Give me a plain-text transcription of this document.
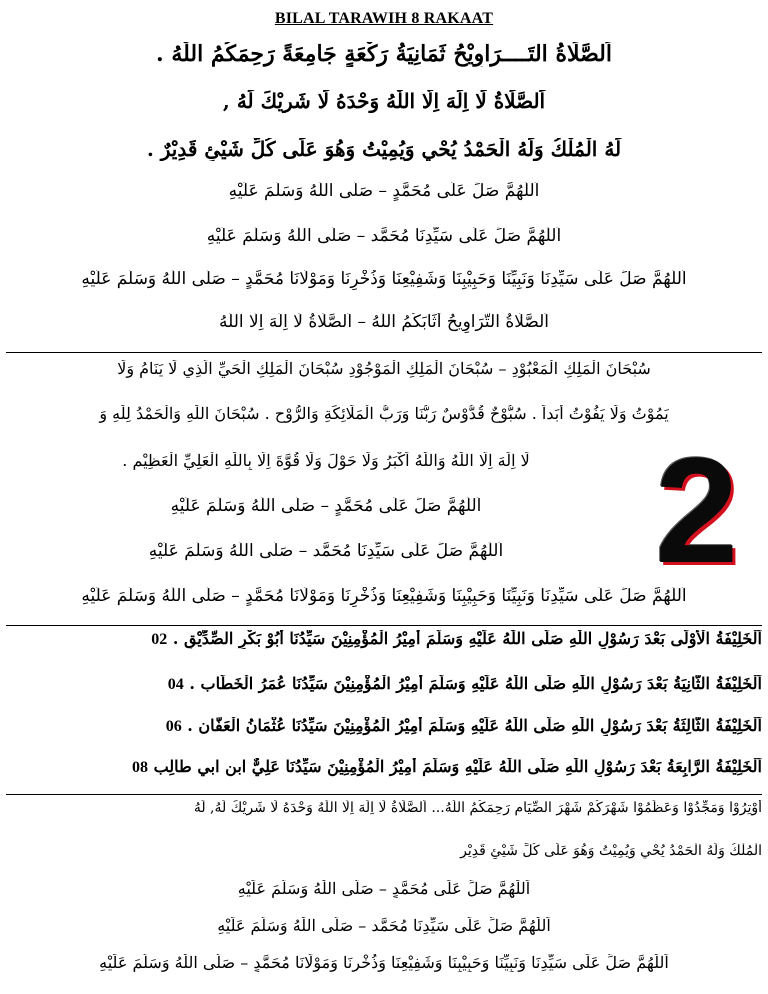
BILAL TARAWIH 8 RAKAAT
اَلصَّلَاةُ التَــــرَاوِيْحُ ثَمَانِيَةُ رَكْعَةٍ جَامِعَةً رَحِمَكُمُ اللّٰهُ .
اَلصَّلَاةُ لَا اِلَهَ اِلَّا اللّٰهُ وَحْدَهُ لَا شَرِيْكَ لَهُ ,
لَهُ الْمُلْكُ وَلَهُ الْحَمْدُ يُحْيِ وَيُمِيْتُ وَهُوَ عَلَى كُلِّ شَيْئٍ قَدِيْرٌ .
اَللّٰهُمَّ صَلِّ عَلَى مُحَمَّدٍ – صَلَّى اللّٰهُ وَسَلَّمَ عَلَيْهِ
اَللّٰهُمَّ صَلِّ عَلَى سَيِّدِنَا مُحَمَّد – صَلَّى اللّٰهُ وَسَلَّمَ عَلَيْهِ
اَللّٰهُمَّ صَلِّ عَلَى سَيِّدِنَا وَنَبِيِّنَا وَحَبِيْبِنَا وَشَفِيْعِنَا وَذُخْرِنَا وَمَوْلَانَا مُحَمَّدٍ – صَلَّى اللّٰهُ وَسَلَّمَ عَلَيْهِ
اَلصَّلَاةُ التَّرَاوِيحُ أَثَابَكُمُ اللّٰهُ – اَلصَّلَاةُ لَا اِلَهَ اِلَّا اللّٰهُ
سُبْحَانَ الْمَلِكِ الْمَعْبُوْدِ – سُبْحَانَ الْمَلِكِ الْمَوْجُوْدِ سُبْحَانَ الْمَلِكِ الْحَيِّ الَّذِي لَا يَنَامُ وَلَا
يَمُوْتُ وَلَا يَفُوْتُ أَبَداً . سُبُّوْحٌ قُدُّوْسٌ رَبُّنَا وَرَبُّ الْمَلَائِكَةِ وَالرُّوْحِ . سُبْحَانَ اللّٰهِ وَالْحَمْدُ لِلّٰهِ وَ
لَا اِلَهَ اِلَّا اللّٰهُ وَاللّٰهُ اَكْبَرُ وَلَا حَوْلَ وَلَا قُوَّةَ اِلَّا بِاللّٰهِ الْعَلِيِّ الْعَظِيْمِ .
اَللّٰهُمَّ صَلِّ عَلَى مُحَمَّدٍ – صَلَّى اللّٰهُ وَسَلَّمَ عَلَيْهِ
اَللّٰهُمَّ صَلِّ عَلَى سَيِّدِنَا مُحَمَّد – صَلَّى اللّٰهُ وَسَلَّمَ عَلَيْهِ
اَللّٰهُمَّ صَلِّ عَلَى سَيِّدِنَا وَنَبِيِّنَا وَحَبِيْبِنَا وَشَفِيْعِنَا وَذُخْرِنَا وَمَوْلَانَا مُحَمَّدٍ – صَلَّى اللّٰهُ وَسَلَّمَ عَلَيْهِ
2
اَلْخَلِيْفَةُ الْأُوْلَى بَعْدَ رَسُوْلِ اللّٰهِ صَلَّى اللّٰهُ عَلَيْهِ وَسَلَّمَ أَمِيْرُ الْمُؤْمِنِيْنَ سَيِّدُنَا أَبُوْ بَكْرٍ الصِّدِّيْقِ . 02
اَلْخَلِيْفَةُ الثَّانِيَةُ بَعْدَ رَسُوْلِ اللّٰهِ صَلَّى اللّٰهُ عَلَيْهِ وَسَلَّمَ أَمِيْرُ الْمُؤْمِنِيْنَ سَيِّدُنَا عُمَرُ الْخَطَّاب . 04
اَلْخَلِيْفَةُ الثَّالِثَةُ بَعْدَ رَسُوْلِ اللّٰهِ صَلَّى اللّٰهُ عَلَيْهِ وَسَلَّمَ أَمِيْرُ الْمُؤْمِنِيْنَ سَيِّدُنَا عُثْمَانُ الْعَفَّان . 06
اَلْخَلِيْفَةُ الرَّابِعَةُ بَعْدَ رَسُوْلِ اللّٰهِ صَلَّى اللّٰهُ عَلَيْهِ وَسَلَّمَ أَمِيْرُ الْمُؤْمِنِيْنَ سَيِّدُنَا عَلِيٌّ ابن ابي طالِب 08
أَوْتِرُوْا وَمَجِّدُوْا وَعَظِّمُوْا شَهْرَكُمْ شَهْرَ الصِّيَامِ رَحِمَكُمُ اللّٰهُ... اَلصَّلَاةُ لَا اِلَهَ اِلَّا اللّٰهُ وَحْدَهُ لَا شَرِيْكَ لَهُ, لَهُ
الْمُلْكُ وَلَهُ الْحَمْدُ يُحْيِ وَيُمِيْتُ وَهُوَ عَلَى كُلِّ شَيْئٍ قَدِيْرٍ
اَللّٰهُمَّ صَلِّ عَلَى مُحَمَّدٍ – صَلَّى اللّٰهُ وَسَلَّمَ عَلَيْهِ
اَللّٰهُمَّ صَلِّ عَلَى سَيِّدِنَا مُحَمَّد – صَلَّى اللّٰهُ وَسَلَّمَ عَلَيْهِ
اَللّٰهُمَّ صَلِّ عَلَى سَيِّدِنَا وَنَبِيِّنَا وَحَبِيْبِنَا وَشَفِيْعِنَا وَذُخْرِنَا وَمَوْلَانَا مُحَمَّدٍ – صَلَّى اللّٰهُ وَسَلَّمَ عَلَيْهِ
